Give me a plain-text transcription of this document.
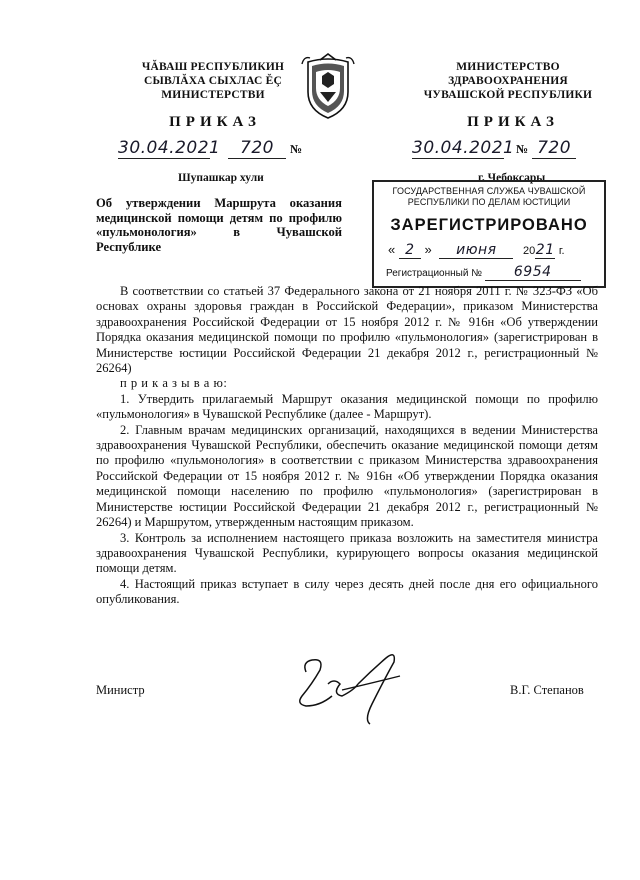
ЧĂВАШ РЕСПУБЛИКИН
СЫВЛĂХА СЫХЛАС ĔÇ
МИНИСТЕРСТВИ
МИНИСТЕРСТВО
ЗДРАВООХРАНЕНИЯ
ЧУВАШСКОЙ РЕСПУБЛИКИ
ПРИКАЗ	ПРИКАЗ
30.04.2021 720 №	30.04.2021 № 720
Шупашкар хули	г. Чебоксары
Об утверждении Маршрута оказания медицинской помощи детям по профилю «пульмонология» в Чувашской Республике
ГОСУДАРСТВЕННАЯ СЛУЖБА ЧУВАШСКОЙ
РЕСПУБЛИКИ ПО ДЕЛАМ ЮСТИЦИИ
ЗАРЕГИСТРИРОВАНО
« 2 » июня 2021 г.
Регистрационный № 6954

В соответствии со статьей 37 Федерального закона от 21 ноября 2011 г. № 323-ФЗ «Об основах охраны здоровья граждан в Российской Федерации», приказом Министерства здравоохранения Российской Федерации от 15 ноября 2012 г. № 916н «Об утверждении Порядка оказания медицинской помощи по профилю «пульмонология» (зарегистрирован в Министерстве юстиции Российской Федерации 21 декабря 2012 г., регистрационный № 26264)

п р и к а з ы в а ю:

1. Утвердить прилагаемый Маршрут оказания медицинской помощи по профилю «пульмонология» в Чувашской Республике (далее - Маршрут).

2. Главным врачам медицинских организаций, находящихся в ведении Министерства здравоохранения Чувашской Республики, обеспечить оказание медицинской помощи детям по профилю «пульмонология» в соответствии с приказом Министерства здравоохранения Российской Федерации от 15 ноября 2012 г. № 916н «Об утверждении Порядка оказания медицинской помощи населению по профилю «пульмонология» (зарегистрирован в Министерстве юстиции Российской Федерации 21 декабря 2012 г., регистрационный № 26264) и Маршрутом, утвержденным настоящим приказом.

3. Контроль за исполнением настоящего приказа возложить на заместителя министра здравоохранения Чувашской Республики, курирующего вопросы оказания медицинской помощи детям.

4. Настоящий приказ вступает в силу через десять дней после дня его официального опубликования.

Министр	В.Г. Степанов
